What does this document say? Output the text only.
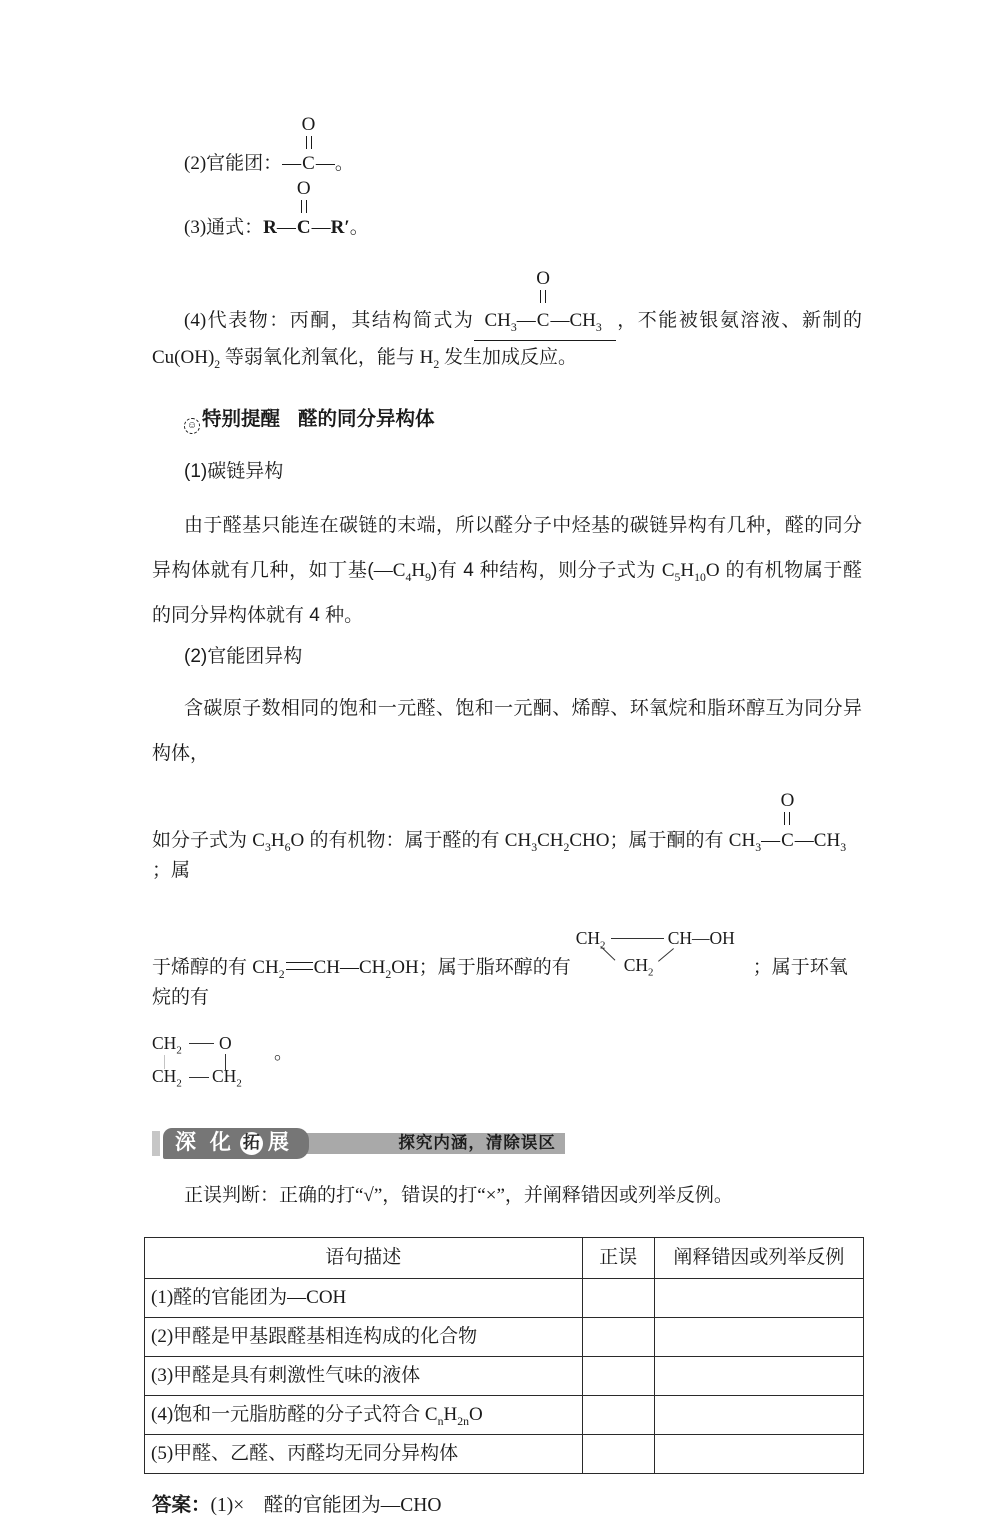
(2)官能团：—
O
C—。
(3)通式：R—
O
C—R′。
(4)代表物：丙酮，其结构简式为 $CH_3—$
O
$C—CH_3$ ，不能被银氨溶液、新制的 $Cu(OH)_2$ 等弱氧化剂氧化，能与 $H_2$ 发生加成反应。
☺ 特别提醒 醛的同分异构体
(1)碳链异构
由于醛基只能连在碳链的末端，所以醛分子中烃基的碳链异构有几种，醛的同分异构体就有几种，如丁基$(—C_4H_9)$有 4 种结构，则分子式为 $C_5H_{10}O$ 的有机物属于醛的同分异构体就有 4 种。
(2)官能团异构
含碳原子数相同的饱和一元醛、饱和一元酮、烯醇、环氧烷和脂环醇互为同分异构体，
如分子式为 $C_3H_6O$ 的有机物：属于醛的有 $CH_3CH_2CHO$；属于酮的有 $CH_3—$
O
$C—CH_3$ ；属
于烯醇的有 $CH_2$ $CH—CH_2OH$；属于脂环醇的有
$CH_2$	CH—OH
$CH_2$	；属于环氧烷的有
$CH_2$ O
$CH_2$ $CH_2$
。
深 化 拓 展	探究内涵，清除误区
正误判断：正确的打“√”，错误的打“×”，并阐释错因或列举反例。
语句描述	正误	阐释错因或列举反例
(1)醛的官能团为—COH		
(2)甲醛是甲基跟醛基相连构成的化合物		
(3)甲醛是具有刺激性气味的液体		
(4)饱和一元脂肪醛的分子式符合 $C_nH_{2n}O$		
(5)甲醛、乙醛、丙醛均无同分异构体		
答案：(1)×　醛的官能团为—CHO
